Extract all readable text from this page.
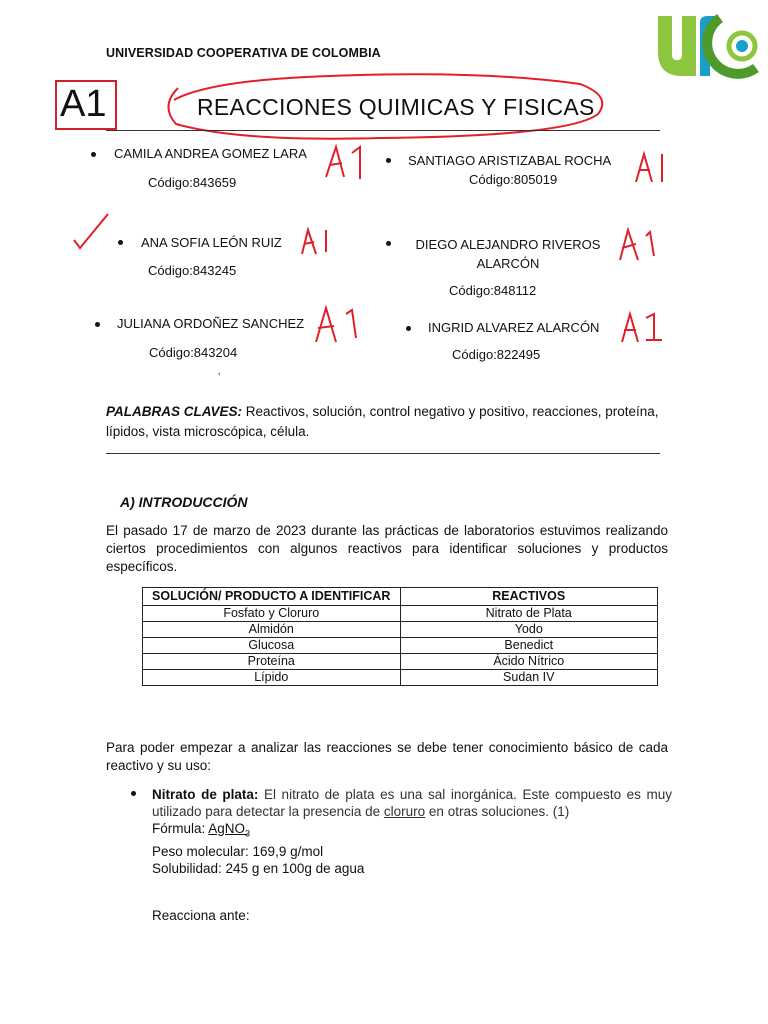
UNIVERSIDAD COOPERATIVA DE COLOMBIA
A1	REACCIONES QUIMICAS Y FISICAS
CAMILA ANDREA GOMEZ LARA
Código:843659
SANTIAGO ARISTIZABAL ROCHA
Código:805019
ANA SOFIA LEÓN RUIZ
Código:843245
DIEGO ALEJANDRO RIVEROS ALARCÓN
Código:848112
JULIANA ORDOÑEZ SANCHEZ
Código:843204
‚
INGRID ALVAREZ ALARCÓN
Código:822495
PALABRAS CLAVES: Reactivos, solución, control negativo y positivo, reacciones, proteína, lípidos, vista microscópica, célula.
A) INTRODUCCIÓN
El pasado 17 de marzo de 2023 durante las prácticas de laboratorios estuvimos realizando ciertos procedimientos con algunos reactivos para identificar soluciones y productos específicos.
SOLUCIÓN/ PRODUCTO A IDENTIFICAR	REACTIVOS
Fosfato y Cloruro	Nitrato de Plata
Almidón	Yodo
Glucosa	Benedict
Proteína	Ácido Nítrico
Lípido	Sudan IV
Para poder empezar a analizar las reacciones se debe tener conocimiento básico de cada reactivo y su uso:
Nitrato de plata: El nitrato de plata es una sal inorgánica. Este compuesto es muy utilizado para detectar la presencia de cloruro en otras soluciones. (1)
Fórmula: AgNO$_3$
Peso molecular: 169,9 g/mol
Solubilidad: 245 g en 100g de agua
Reacciona ante:
